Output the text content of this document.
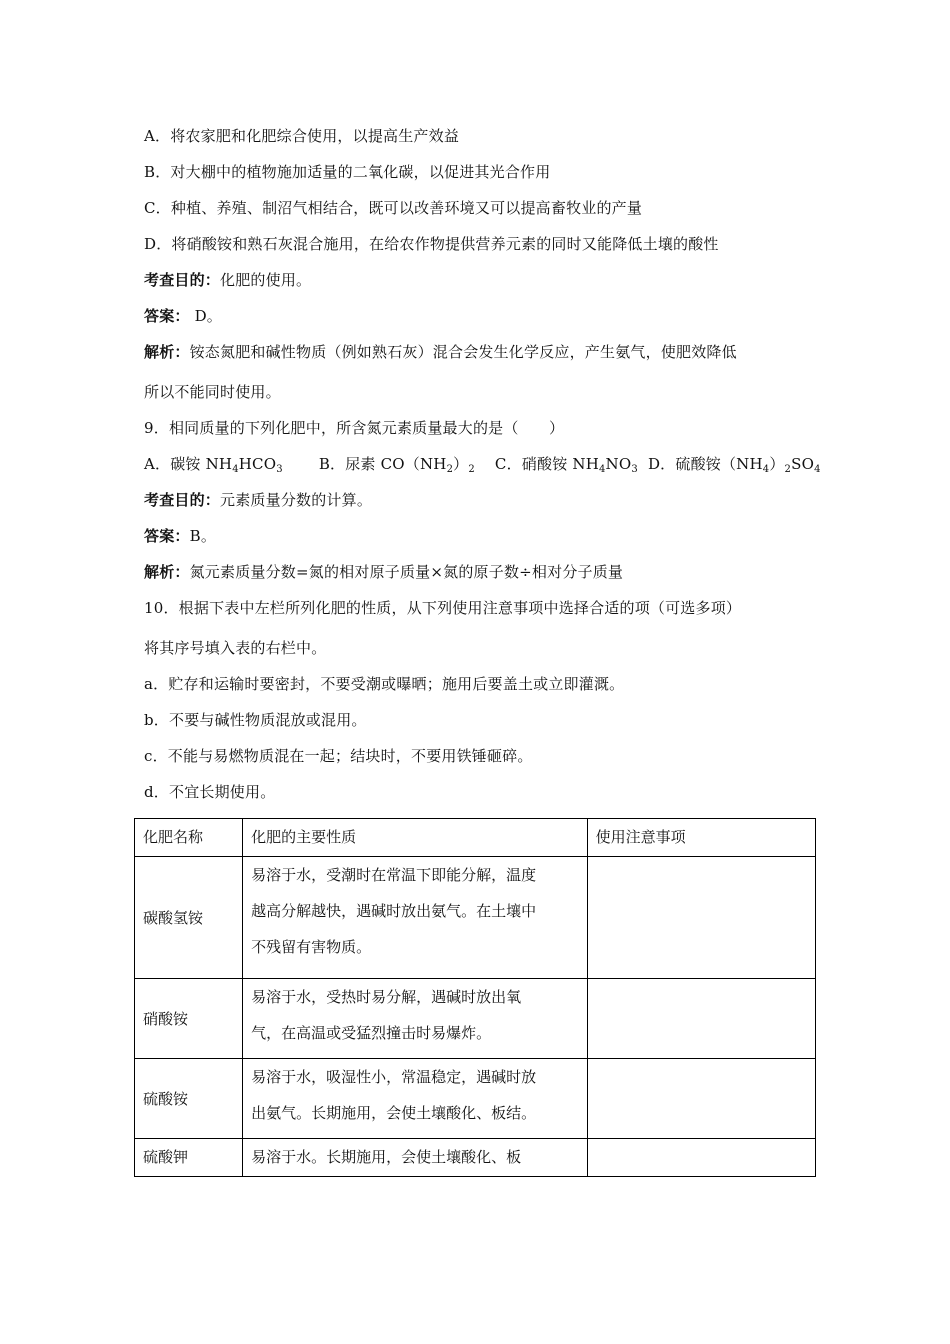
A．将农家肥和化肥综合使用，以提高生产效益
B．对大棚中的植物施加适量的二氧化碳，以促进其光合作用
C．种植、养殖、制沼气相结合，既可以改善环境又可以提高畜牧业的产量
D．将硝酸铵和熟石灰混合施用，在给农作物提供营养元素的同时又能降低土壤的酸性
考查目的：化肥的使用。
答案： D。
解析：铵态氮肥和碱性物质（例如熟石灰）混合会发生化学反应，产生氨气，使肥效降低
所以不能同时使用。
9．相同质量的下列化肥中，所含氮元素质量最大的是（　　）
A．碳铵 $NH_4HCO_3$ B．尿素 $CO(NH_2)_2$ C．硝酸铵 $NH_4NO_3$ D．硫酸铵$(NH_4)_2SO_4$
考查目的：元素质量分数的计算。
答案：B。
解析：氮元素质量分数=氮的相对原子质量×氮的原子数÷相对分子质量
10．根据下表中左栏所列化肥的性质，从下列使用注意事项中选择合适的项（可选多项）
将其序号填入表的右栏中。
a．贮存和运输时要密封，不要受潮或曝晒；施用后要盖土或立即灌溉。
b．不要与碱性物质混放或混用。
c．不能与易燃物质混在一起；结块时，不要用铁锤砸碎。
d．不宜长期使用。
化肥名称	化肥的主要性质	使用注意事项
碳酸氢铵	易溶于水，受潮时在常温下即能分解，温度
越高分解越快，遇碱时放出氨气。在土壤中
不残留有害物质。	

硝酸铵	易溶于水，受热时易分解，遇碱时放出氧
气，在高温或受猛烈撞击时易爆炸。	

硫酸铵	易溶于水，吸湿性小，常温稳定，遇碱时放
出氨气。长期施用，会使土壤酸化、板结。	

硫酸钾	易溶于水。长期施用，会使土壤酸化、板	
